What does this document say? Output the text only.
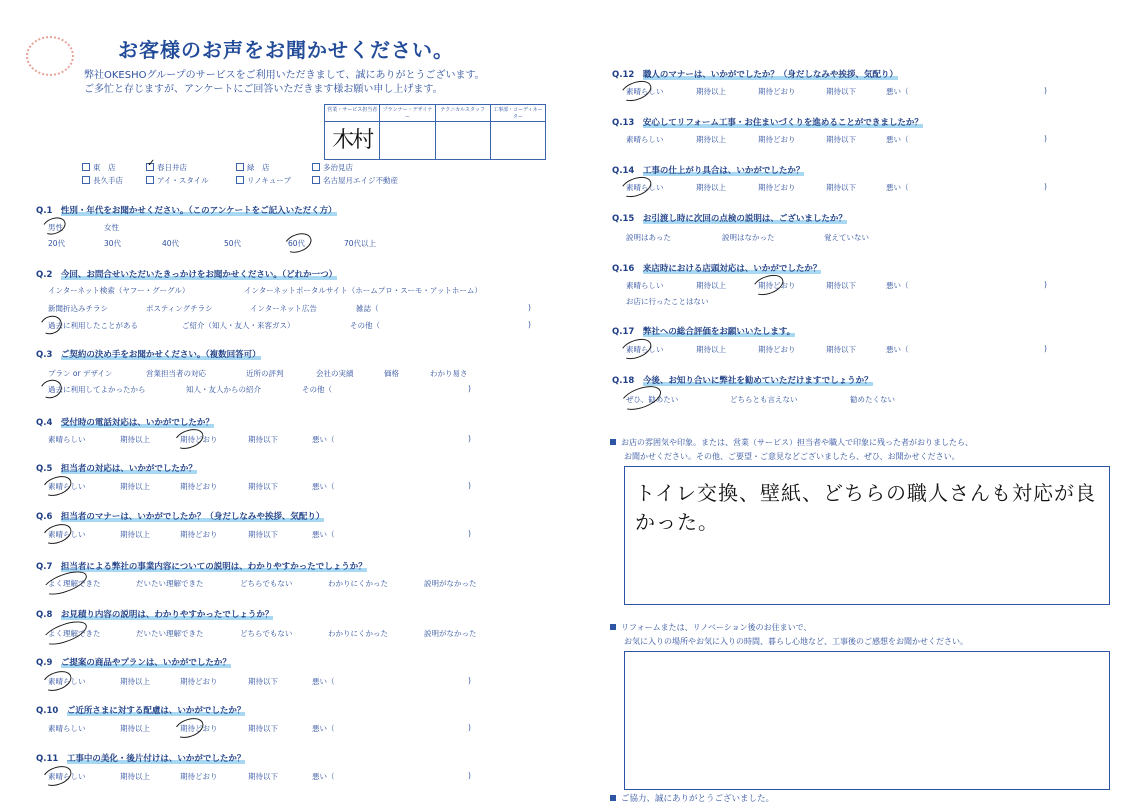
お客様のお声をお聞かせください。
弊社OKESHOグループのサービスをご利用いただきまして、誠にありがとうございます。
ご多忙と存じますが、アンケートにご回答いただきます様お願い申し上げます。
営業・サービス担当者	プランナー・デザイナー	テクニカルスタッフ	工事部・コーディネーター
木村			
東　店	✓ 春日井店	緑　店	多治見店
長久手店	アイ・スタイル	リノキューブ	名古屋月エイジ不動産
Q.1　 性別・年代をお聞かせください。（このアンケートをご記入いただく方）
男性	女性
20代	30代	40代	50代	60代	70代以上
Q.2　 今回、お問合せいただいたきっかけをお聞かせください。（どれか一つ）
インターネット検索（ヤフー・グーグル）	インターネットポータルサイト（ホームプロ・スーモ・アットホーム）
新聞折込みチラシ	ポスティングチラシ	インターネット広告	雑誌（	)
過去に利用したことがある	ご紹介（知人・友人・来客ガス）	その他（	)
Q.3　 ご契約の決め手をお聞かせください。（複数回答可）
プラン or デザイン	営業担当者の対応	近所の評判	会社の実績	価格	わかり易さ
過去に利用してよかったから	知人・友人からの紹介	その他（	)
説明はあった	説明はなかった	覚えていない
お店に行ったことはない
ぜひ、勧めたい	どちらとも言えない	勧めたくない
お店の雰囲気や印象。または、営業（サービス）担当者や職人で印象に残った者がおりましたら、
お聞かせください。その他、ご要望・ご意見などございましたら、ぜひ、お聞かせください。
トイレ交換、壁紙、どちらの職人さんも対応が良かった。
リフォームまたは、リノベーション後のお住まいで、
お気に入りの場所やお気に入りの時間、暮らし心地など、工事後のご感想をお聞かせください。
ご協力、誠にありがとうございました。
Q.4　 受付時の電話対応は、いかがでしたか？
素晴らしい	期待以上	期待どおり	期待以下	悪い（	)
Q.5　 担当者の対応は、いかがでしたか？
素晴らしい	期待以上	期待どおり	期待以下	悪い（	)
Q.6　 担当者のマナーは、いかがでしたか？（身だしなみや挨拶、気配り）
素晴らしい	期待以上	期待どおり	期待以下	悪い（	)
Q.7　 担当者による弊社の事業内容についての説明は、わかりやすかったでしょうか？
よく理解できた	だいたい理解できた	どちらでもない	わかりにくかった	説明がなかった
Q.8　 お見積り内容の説明は、わかりやすかったでしょうか？
よく理解できた	だいたい理解できた	どちらでもない	わかりにくかった	説明がなかった
Q.9　 ご提案の商品やプランは、いかがでしたか？
素晴らしい	期待以上	期待どおり	期待以下	悪い（	)
Q.10　 ご近所さまに対する配慮は、いかがでしたか？
素晴らしい	期待以上	期待どおり	期待以下	悪い（	)
Q.11　 工事中の美化・後片付けは、いかがでしたか？
素晴らしい	期待以上	期待どおり	期待以下	悪い（	)
Q.12　 職人のマナーは、いかがでしたか？（身だしなみや挨拶、気配り）
素晴らしい	期待以上	期待どおり	期待以下	悪い（	)
Q.13　 安心してリフォーム工事・お住まいづくりを進めることができましたか？
素晴らしい	期待以上	期待どおり	期待以下	悪い（	)
Q.14　 工事の仕上がり具合は、いかがでしたか？
素晴らしい	期待以上	期待どおり	期待以下	悪い（	)
Q.15　 お引渡し時に次回の点検の説明は、ございましたか？
Q.16　 来店時における店頭対応は、いかがでしたか？
素晴らしい	期待以上	期待どおり	期待以下	悪い（	)
Q.17　 弊社への総合評価をお願いいたします。
素晴らしい	期待以上	期待どおり	期待以下	悪い（	)
Q.18　 今後、お知り合いに弊社を勧めていただけますでしょうか？
